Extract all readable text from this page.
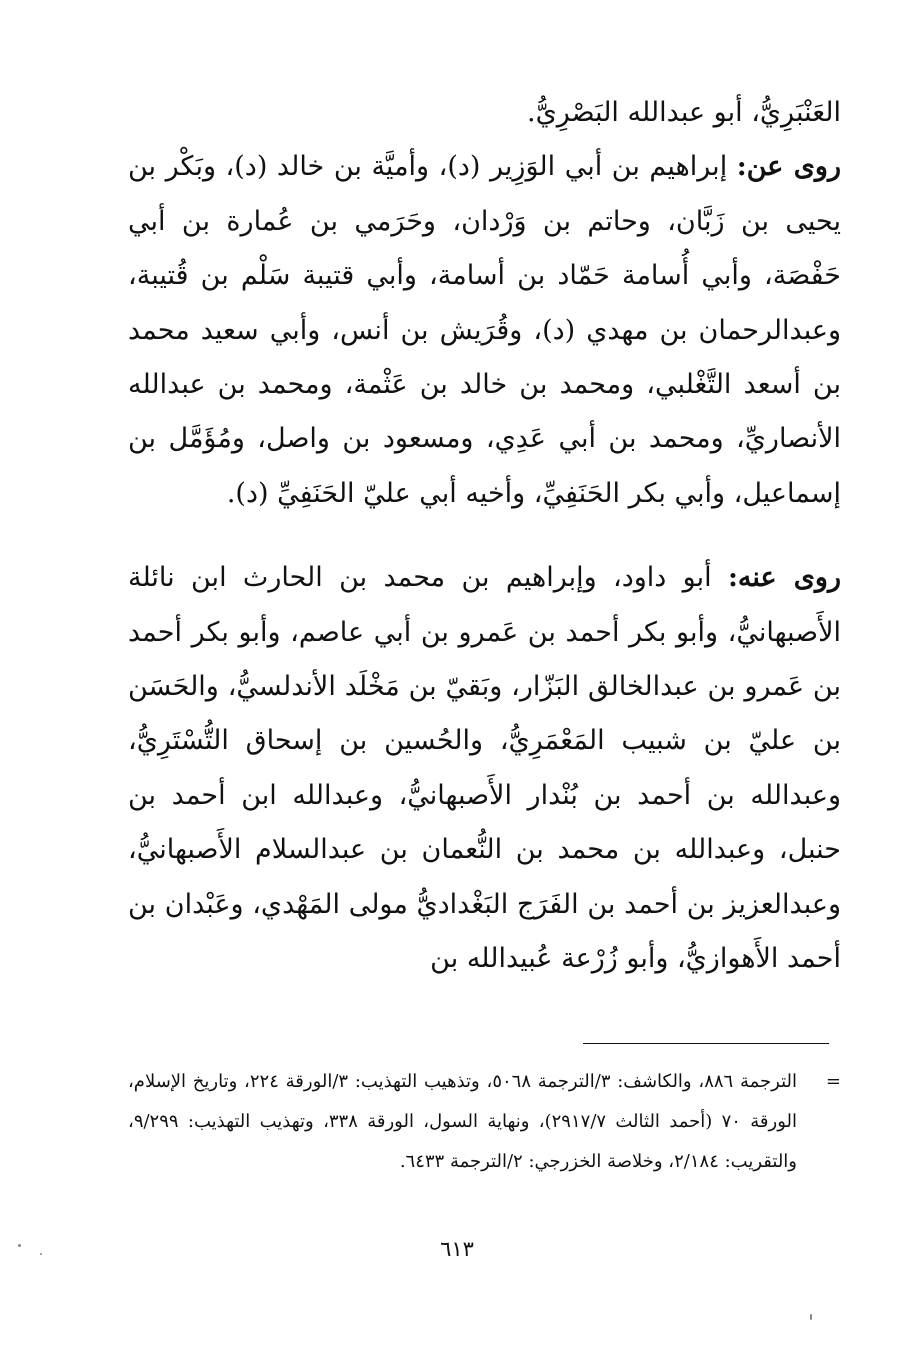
العَنْبَرِيُّ، أبو عبدالله البَصْرِيُّ.

روى عن: إبراهيم بن أبي الوَزِير (د)، وأميَّة بن خالد (د)، وبَكْر بن يحيى بن زَبَّان، وحاتم بن وَرْدان، وحَرَمي بن عُمارة بن أبي حَفْصَة، وأبي أُسامة حَمّاد بن أسامة، وأبي قتيبة سَلْم بن قُتيبة، وعبدالرحمان بن مهدي (د)، وقُرَيش بن أنس، وأبي سعيد محمد بن أسعد التَّغْلبي، ومحمد بن خالد بن عَثْمة، ومحمد بن عبدالله الأنصاريِّ، ومحمد بن أبي عَدِي، ومسعود بن واصل، ومُؤَمَّل بن إسماعيل، وأبي بكر الحَنَفِيِّ، وأخيه أبي عليّ الحَنَفِيِّ (د).

روى عنه: أبو داود، وإبراهيم بن محمد بن الحارث ابن نائلة الأَصبهانيُّ، وأبو بكر أحمد بن عَمرو بن أبي عاصم، وأبو بكر أحمد بن عَمرو بن عبدالخالق البَزّار، وبَقيّ بن مَخْلَد الأندلسيُّ، والحَسَن بن عليّ بن شبيب المَعْمَرِيُّ، والحُسين بن إسحاق التُّسْتَرِيُّ، وعبدالله بن أحمد بن بُنْدار الأَصبهانيُّ، وعبدالله ابن أحمد بن حنبل، وعبدالله بن محمد بن النُّعمان بن عبدالسلام الأَصبهانيُّ، وعبدالعزيز بن أحمد بن الفَرَج البَغْداديُّ مولى المَهْدي، وعَبْدان بن أحمد الأَهوازيُّ، وأبو زُرْعة عُبيدالله بن

=

الترجمة ٨٨٦، والكاشف: ٣/الترجمة ٥٠٦٨، وتذهيب التهذيب: ٣/الورقة ٢٢٤، وتاريخ الإسلام، الورقة ٧٠ (أحمد الثالث ٢٩١٧/٧)، ونهاية السول، الورقة ٣٣٨، وتهذيب التهذيب: ٩/٢٩٩، والتقريب: ٢/١٨٤، وخلاصة الخزرجي: ٢/الترجمة ٦٤٣٣.

٦١٣
